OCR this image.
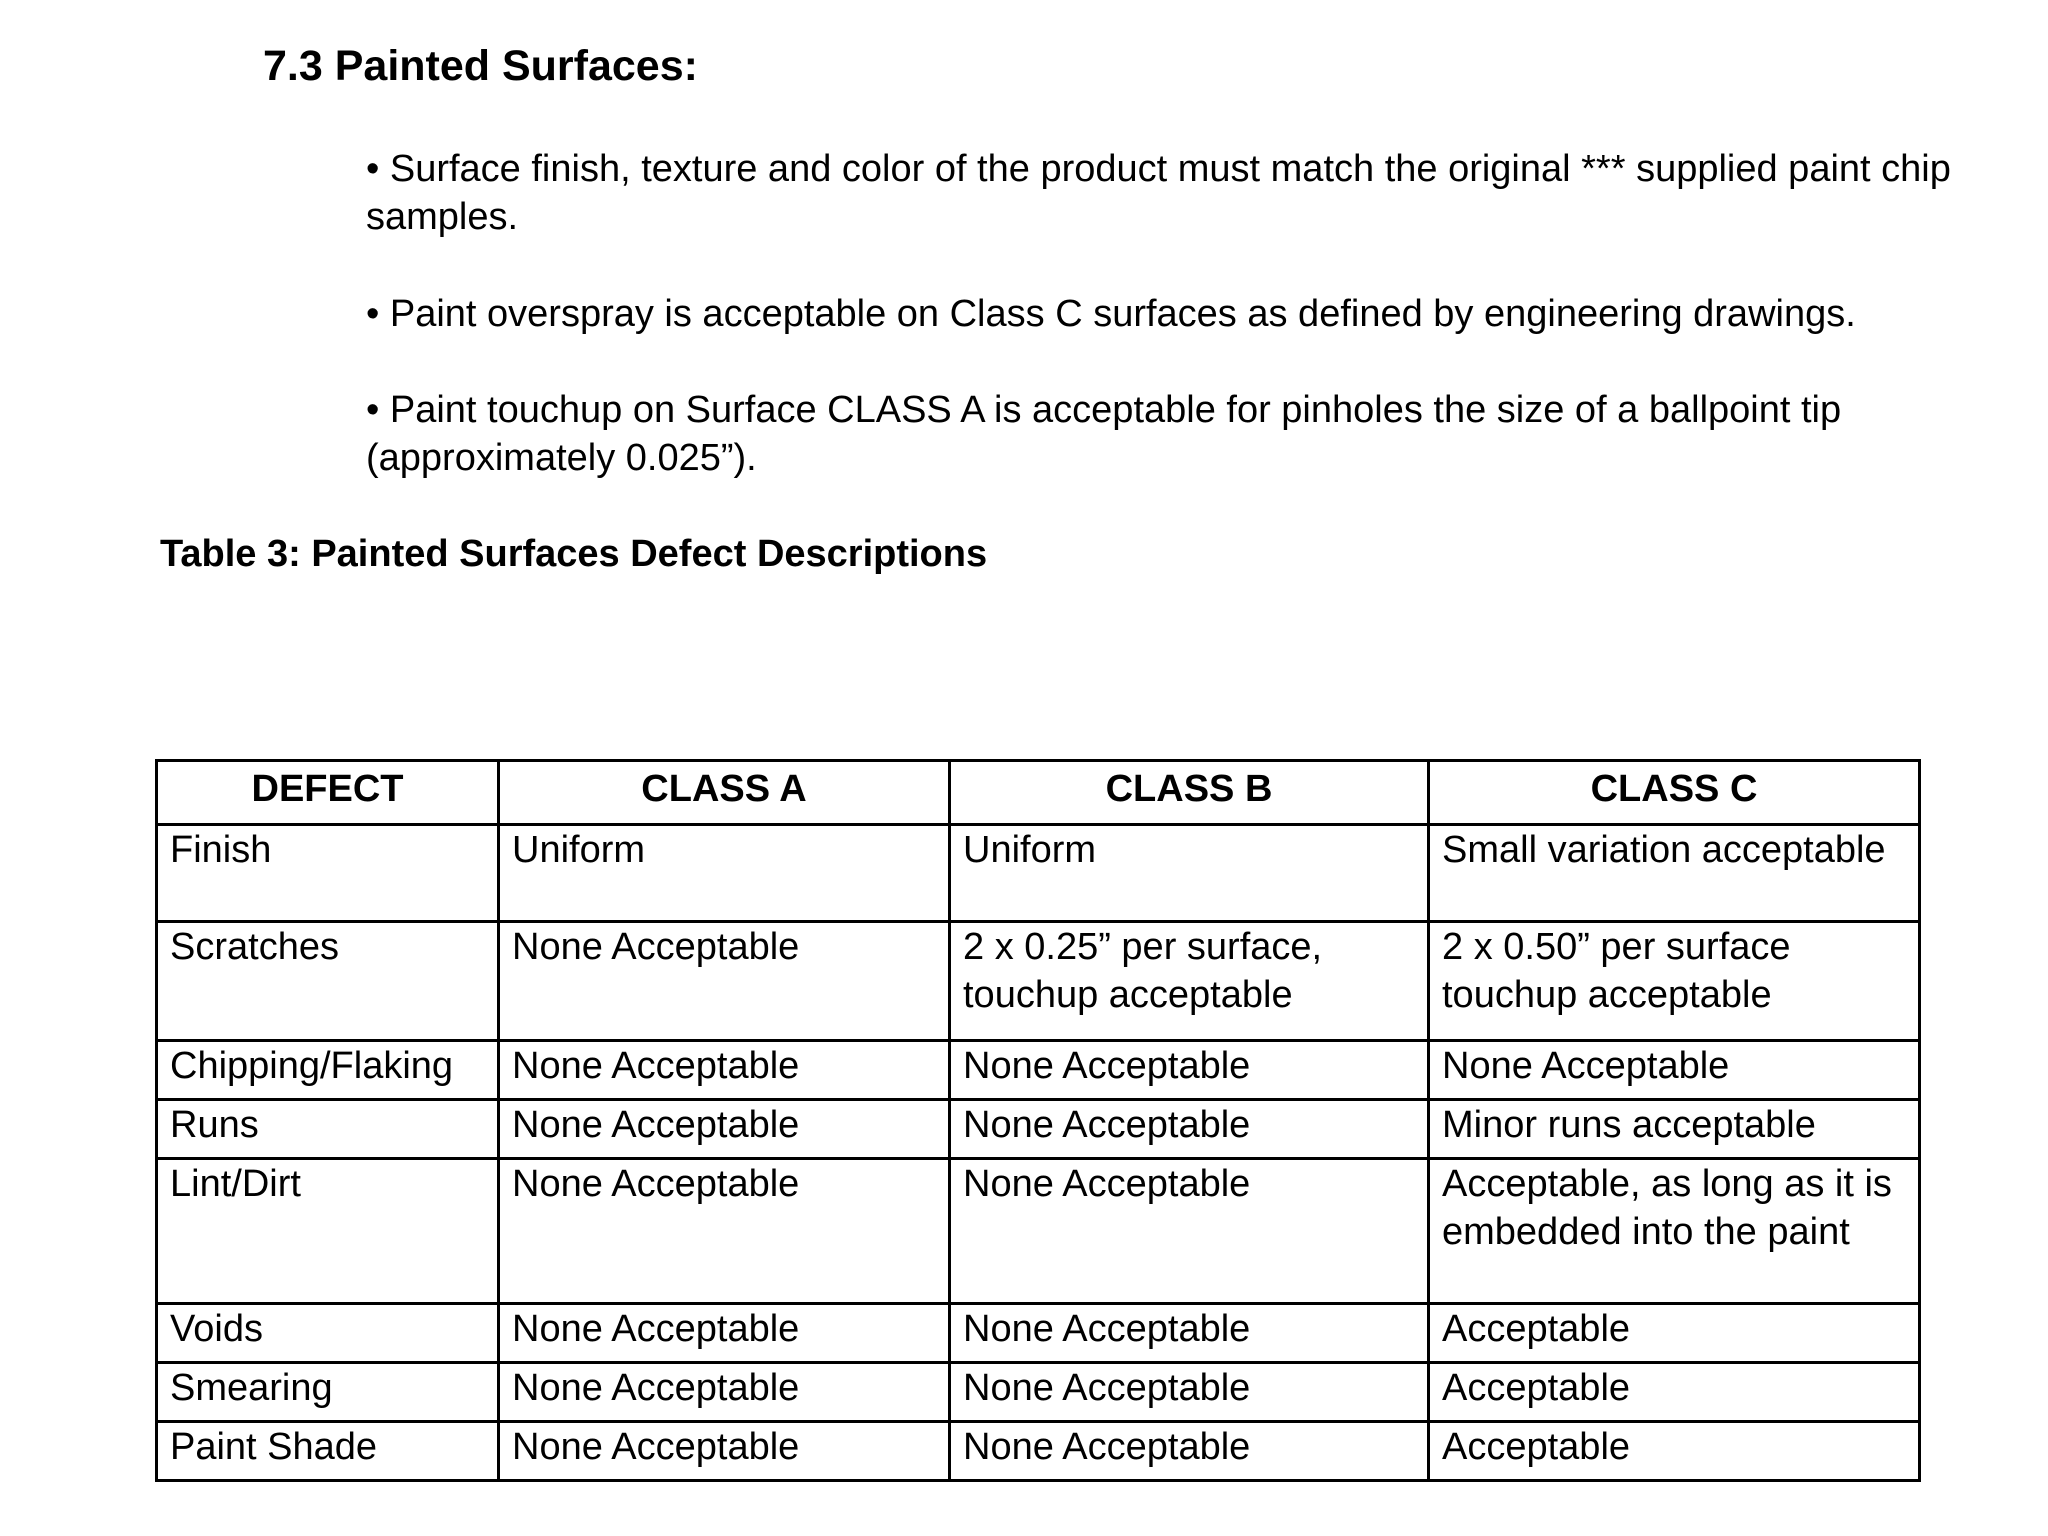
7.3 Painted Surfaces:

• Surface finish, texture and color of the product must match the original *** supplied paint chip samples.

• Paint overspray is acceptable on Class C surfaces as defined by engineering drawings.

• Paint touchup on Surface CLASS A is acceptable for pinholes the size of a ballpoint tip (approximately 0.025”).

Table 3: Painted Surfaces Defect Descriptions

DEFECT	CLASS A	CLASS B	CLASS C
Finish	Uniform	Uniform	Small variation acceptable
Scratches	None Acceptable	2 x 0.25” per surface, touchup acceptable	2 x 0.50” per surface touchup acceptable
Chipping/Flaking	None Acceptable	None Acceptable	None Acceptable
Runs	None Acceptable	None Acceptable	Minor runs acceptable
Lint/Dirt	None Acceptable	None Acceptable	Acceptable, as long as it is embedded into the paint
Voids	None Acceptable	None Acceptable	Acceptable
Smearing	None Acceptable	None Acceptable	Acceptable
Paint Shade	None Acceptable	None Acceptable	Acceptable
